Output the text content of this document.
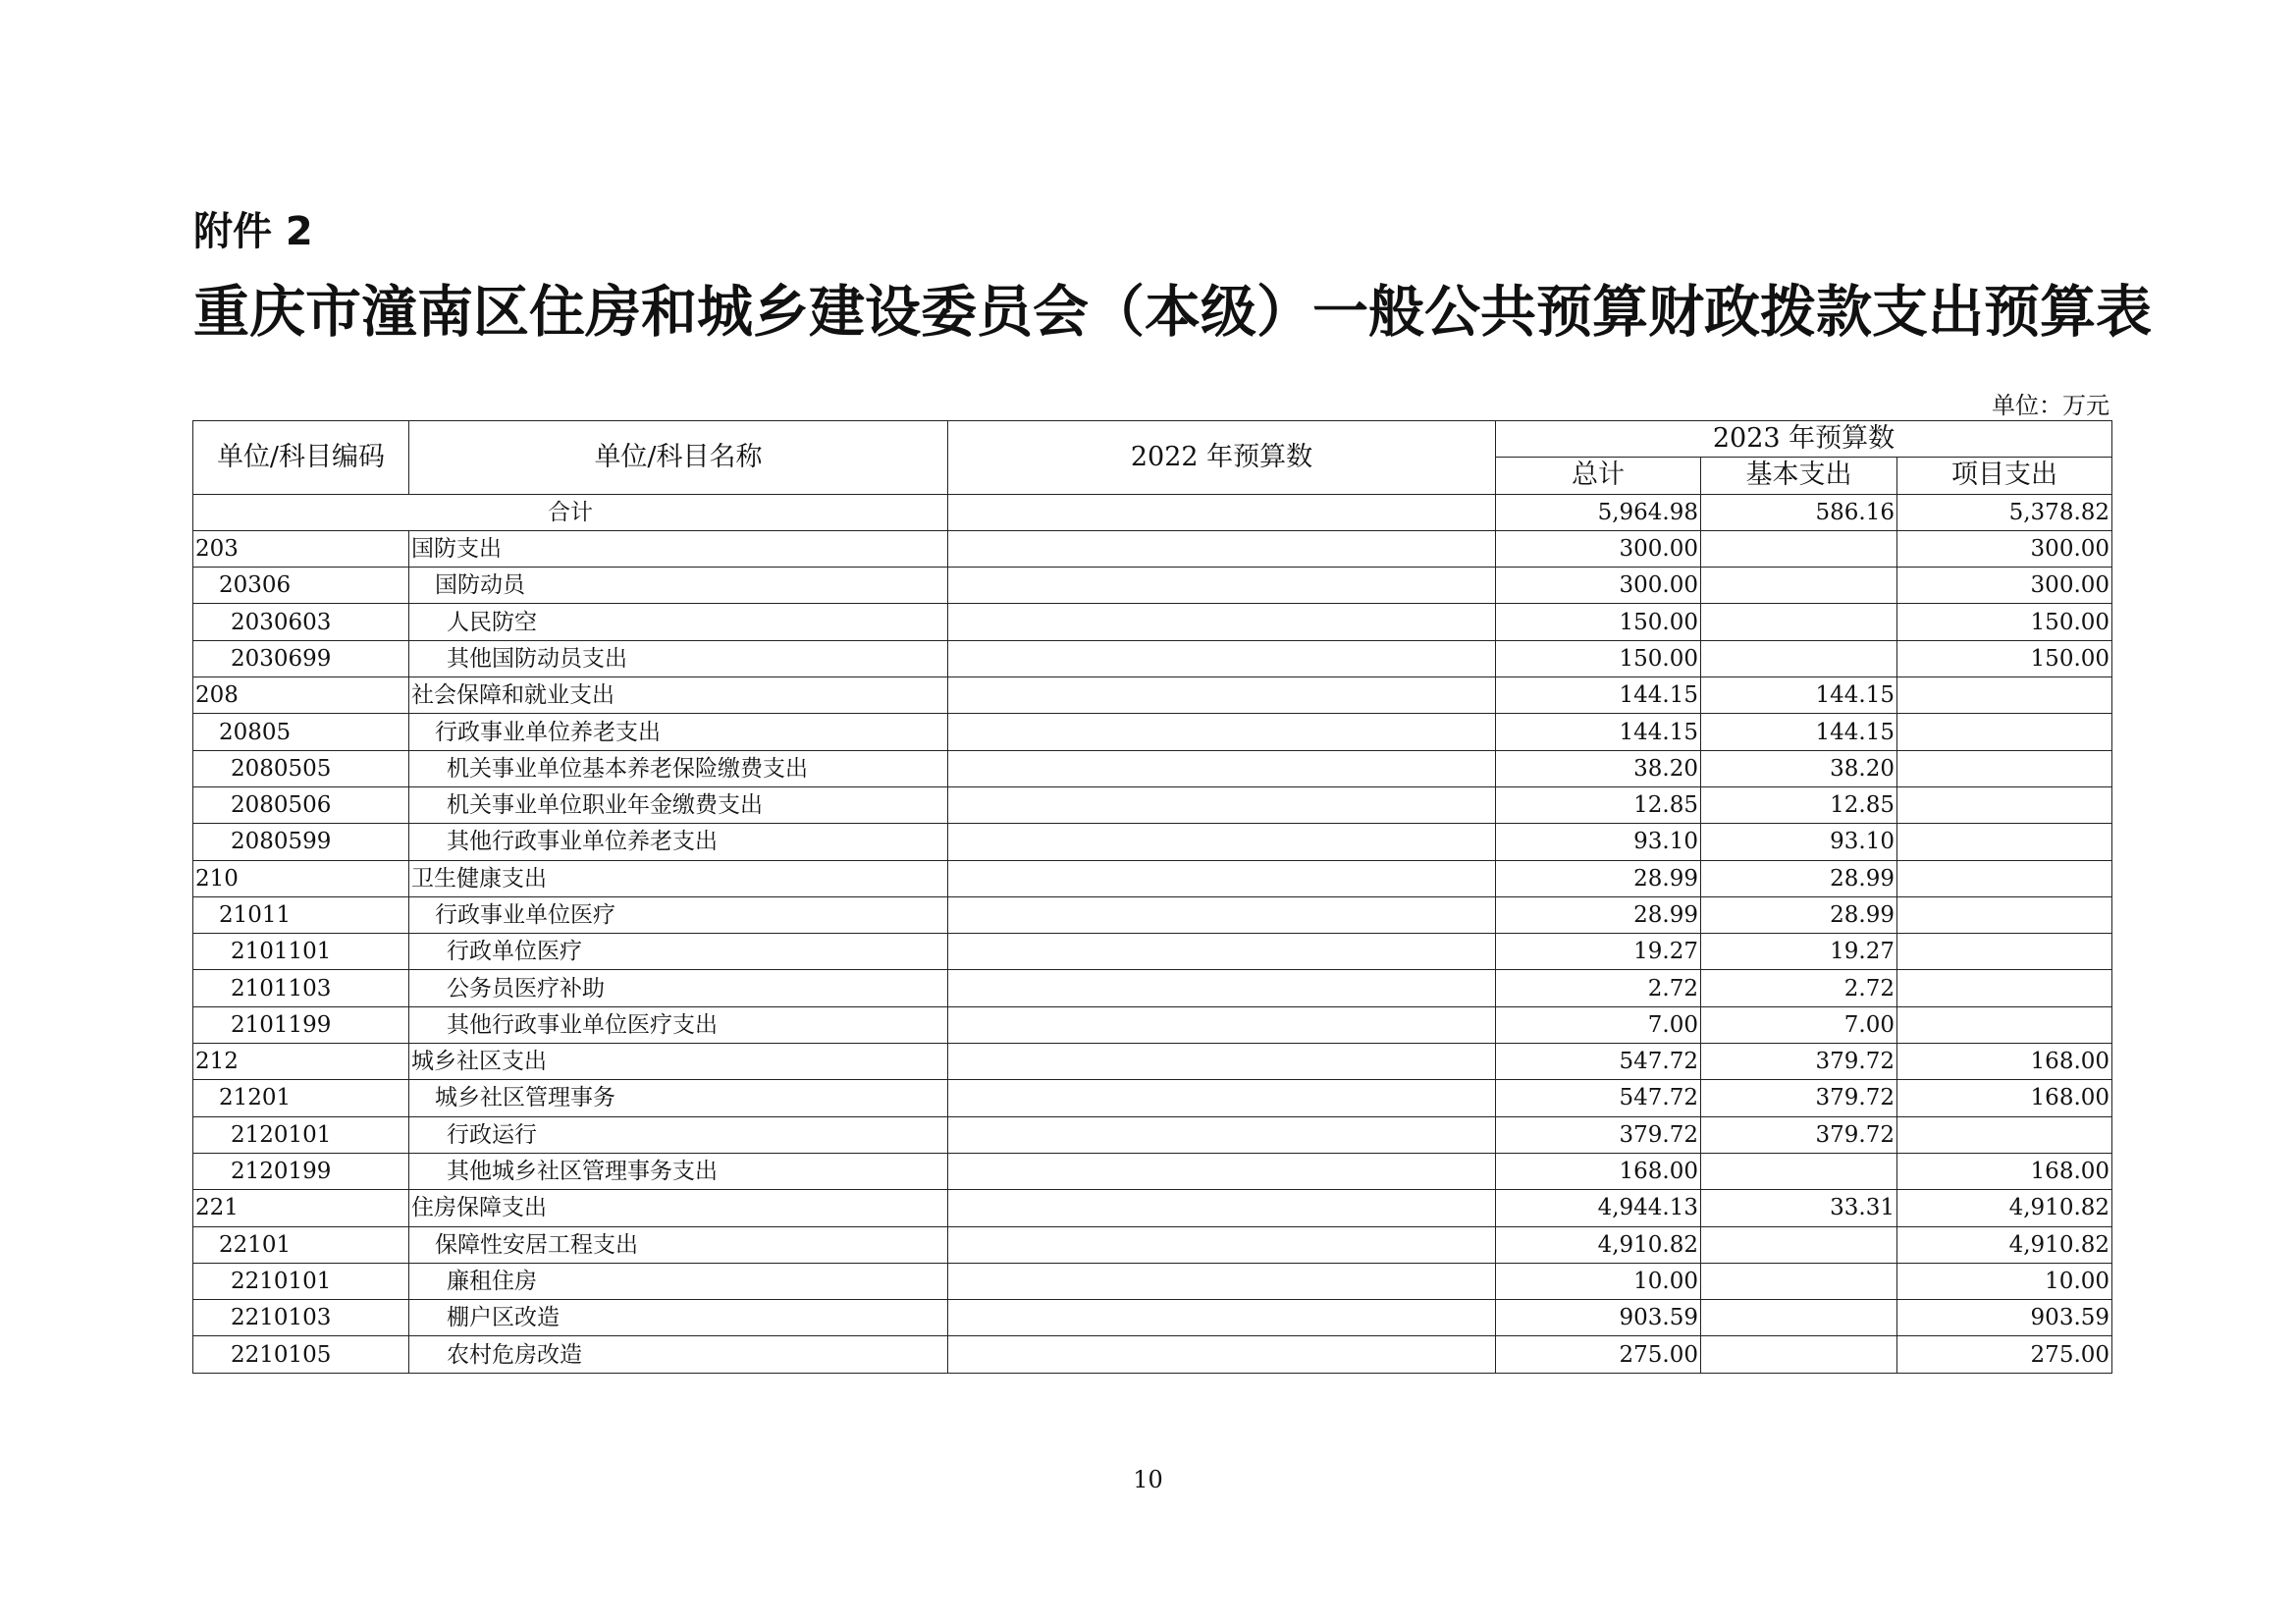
附件 2
重庆市潼南区住房和城乡建设委员会（本级）一般公共预算财政拨款支出预算表
单位：万元
单位/科目编码	单位/科目名称	2022 年预算数	2023 年预算数		
			总计	基本支出	项目支出
合计			5,964.98	586.16	5,378.82
203	国防支出		300.00		300.00
20306	国防动员		300.00		300.00
2030603	人民防空		150.00		150.00
2030699	其他国防动员支出		150.00		150.00
208	社会保障和就业支出		144.15	144.15	
20805	行政事业单位养老支出		144.15	144.15	
2080505	机关事业单位基本养老保险缴费支出		38.20	38.20	
2080506	机关事业单位职业年金缴费支出		12.85	12.85	
2080599	其他行政事业单位养老支出		93.10	93.10	
210	卫生健康支出		28.99	28.99	
21011	行政事业单位医疗		28.99	28.99	
2101101	行政单位医疗		19.27	19.27	
2101103	公务员医疗补助		2.72	2.72	
2101199	其他行政事业单位医疗支出		7.00	7.00	
212	城乡社区支出		547.72	379.72	168.00
21201	城乡社区管理事务		547.72	379.72	168.00
2120101	行政运行		379.72	379.72	
2120199	其他城乡社区管理事务支出		168.00		168.00
221	住房保障支出		4,944.13	33.31	4,910.82
22101	保障性安居工程支出		4,910.82		4,910.82
2210101	廉租住房		10.00		10.00
2210103	棚户区改造		903.59		903.59
2210105	农村危房改造		275.00		275.00
10
